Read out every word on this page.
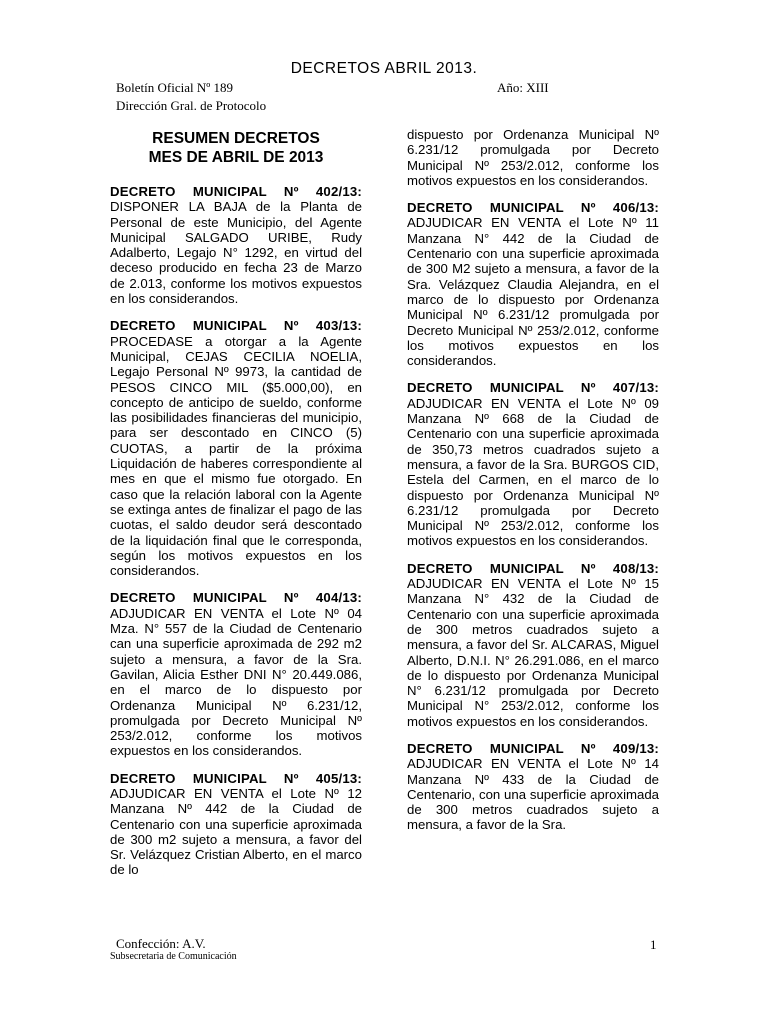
DECRETOS ABRIL 2013.
Boletín Oficial Nº 189
Dirección Gral. de Protocolo
Año: XIII
RESUMEN DECRETOS
MES DE ABRIL DE 2013
DECRETO MUNICIPAL Nº 402/13:
DISPONER LA BAJA de la Planta de Personal de este Municipio, del Agente Municipal SALGADO URIBE, Rudy Adalberto, Legajo N° 1292, en virtud del deceso producido en fecha 23 de Marzo de 2.013, conforme los motivos expuestos en los considerandos.
DECRETO MUNICIPAL Nº 403/13:
PROCEDASE a otorgar a la Agente Municipal, CEJAS CECILIA NOELIA, Legajo Personal Nº 9973, la cantidad de PESOS CINCO MIL ($5.000,00), en concepto de anticipo de sueldo, conforme las posibilidades financieras del municipio, para ser descontado en CINCO (5) CUOTAS, a partir de la próxima Liquidación de haberes correspondiente al mes en que el mismo fue otorgado. En caso que la relación laboral con la Agente se extinga antes de finalizar el pago de las cuotas, el saldo deudor será descontado de la liquidación final que le corresponda, según los motivos expuestos en los considerandos.
DECRETO MUNICIPAL Nº 404/13:
ADJUDICAR EN VENTA el Lote Nº 04 Mza. N° 557 de la Ciudad de Centenario can una superficie aproximada de 292 m2 sujeto a mensura, a favor de la Sra. Gavilan, Alicia Esther DNI N° 20.449.086, en el marco de lo dispuesto por Ordenanza Municipal Nº 6.231/12, promulgada por Decreto Municipal Nº 253/2.012, conforme los motivos expuestos en los considerandos.
DECRETO MUNICIPAL Nº 405/13:
ADJUDICAR EN VENTA el Lote Nº 12 Manzana Nº 442 de la Ciudad de Centenario con una superficie aproximada de 300 m2 sujeto a mensura, a favor del Sr. Velázquez Cristian Alberto, en el marco de lo
dispuesto por Ordenanza Municipal Nº 6.231/12 promulgada por Decreto Municipal Nº 253/2.012, conforme los motivos expuestos en los considerandos.
DECRETO MUNICIPAL Nº 406/13:
ADJUDICAR EN VENTA el Lote Nº 11 Manzana N° 442 de la Ciudad de Centenario con una superficie aproximada de 300 M2 sujeto a mensura, a favor de la Sra. Velázquez Claudia Alejandra, en el marco de lo dispuesto por Ordenanza Municipal Nº 6.231/12 promulgada por Decreto Municipal Nº 253/2.012, conforme los motivos expuestos en los considerandos.
DECRETO MUNICIPAL Nº 407/13:
ADJUDICAR EN VENTA el Lote Nº 09 Manzana Nº 668 de la Ciudad de Centenario con una superficie aproximada de 350,73 metros cuadrados sujeto a mensura, a favor de la Sra. BURGOS CID, Estela del Carmen, en el marco de lo dispuesto por Ordenanza Municipal Nº 6.231/12 promulgada por Decreto Municipal Nº 253/2.012, conforme los motivos expuestos en los considerandos.
DECRETO MUNICIPAL Nº 408/13:
ADJUDICAR EN VENTA el Lote Nº 15 Manzana N° 432 de la Ciudad de Centenario con una superficie aproximada de 300 metros cuadrados sujeto a mensura, a favor del Sr. ALCARAS, Miguel Alberto, D.N.I. N° 26.291.086, en el marco de lo dispuesto por Ordenanza Municipal N° 6.231/12 promulgada por Decreto Municipal N° 253/2.012, conforme los motivos expuestos en los considerandos.
DECRETO MUNICIPAL Nº 409/13:
ADJUDICAR EN VENTA el Lote Nº 14 Manzana Nº 433 de la Ciudad de Centenario, con una superficie aproximada de 300 metros cuadrados sujeto a mensura, a favor de la Sra.
Confección: A.V.
Subsecretaria de Comunicación
1
